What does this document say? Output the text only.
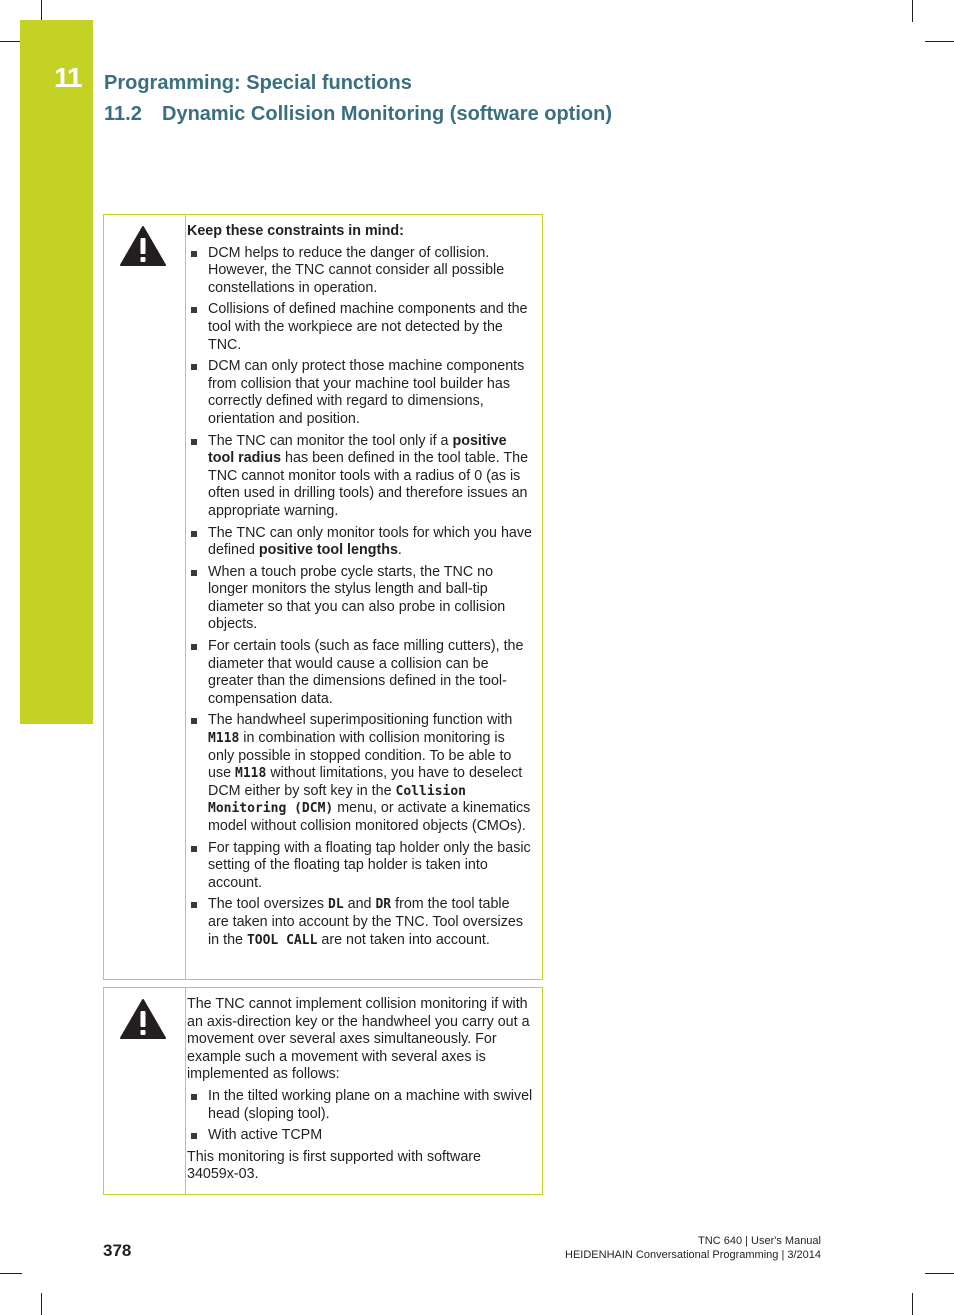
11 Programming: Special functions
11.2 Dynamic Collision Monitoring (software option)

Keep these constraints in mind:

DCM helps to reduce the danger of collision. However, the TNC cannot consider all possible constellations in operation.
Collisions of defined machine components and the tool with the workpiece are not detected by the TNC.
DCM can only protect those machine components from collision that your machine tool builder has correctly defined with regard to dimensions, orientation and position.
The TNC can monitor the tool only if a positive tool radius has been defined in the tool table. The TNC cannot monitor tools with a radius of 0 (as is often used in drilling tools) and therefore issues an appropriate warning.
The TNC can only monitor tools for which you have defined positive tool lengths.
When a touch probe cycle starts, the TNC no longer monitors the stylus length and ball-tip diameter so that you can also probe in collision objects.
For certain tools (such as face milling cutters), the diameter that would cause a collision can be greater than the dimensions defined in the tool-compensation data.
The handwheel superimpositioning function with M118 in combination with collision monitoring is only possible in stopped condition. To be able to use M118 without limitations, you have to deselect DCM either by soft key in the Collision Monitoring (DCM) menu, or activate a kinematics model without collision monitored objects (CMOs).
For tapping with a floating tap holder only the basic setting of the floating tap holder is taken into account.
The tool oversizes DL and DR from the tool table are taken into account by the TNC. Tool oversizes in the TOOL CALL are not taken into account.

The TNC cannot implement collision monitoring if with an axis-direction key or the handwheel you carry out a movement over several axes simultaneously. For example such a movement with several axes is implemented as follows:

In the tilted working plane on a machine with swivel head (sloping tool).
With active TCPM

This monitoring is first supported with software 34059x-03.

378	TNC 640 | User's Manual
HEIDENHAIN Conversational Programming | 3/2014
